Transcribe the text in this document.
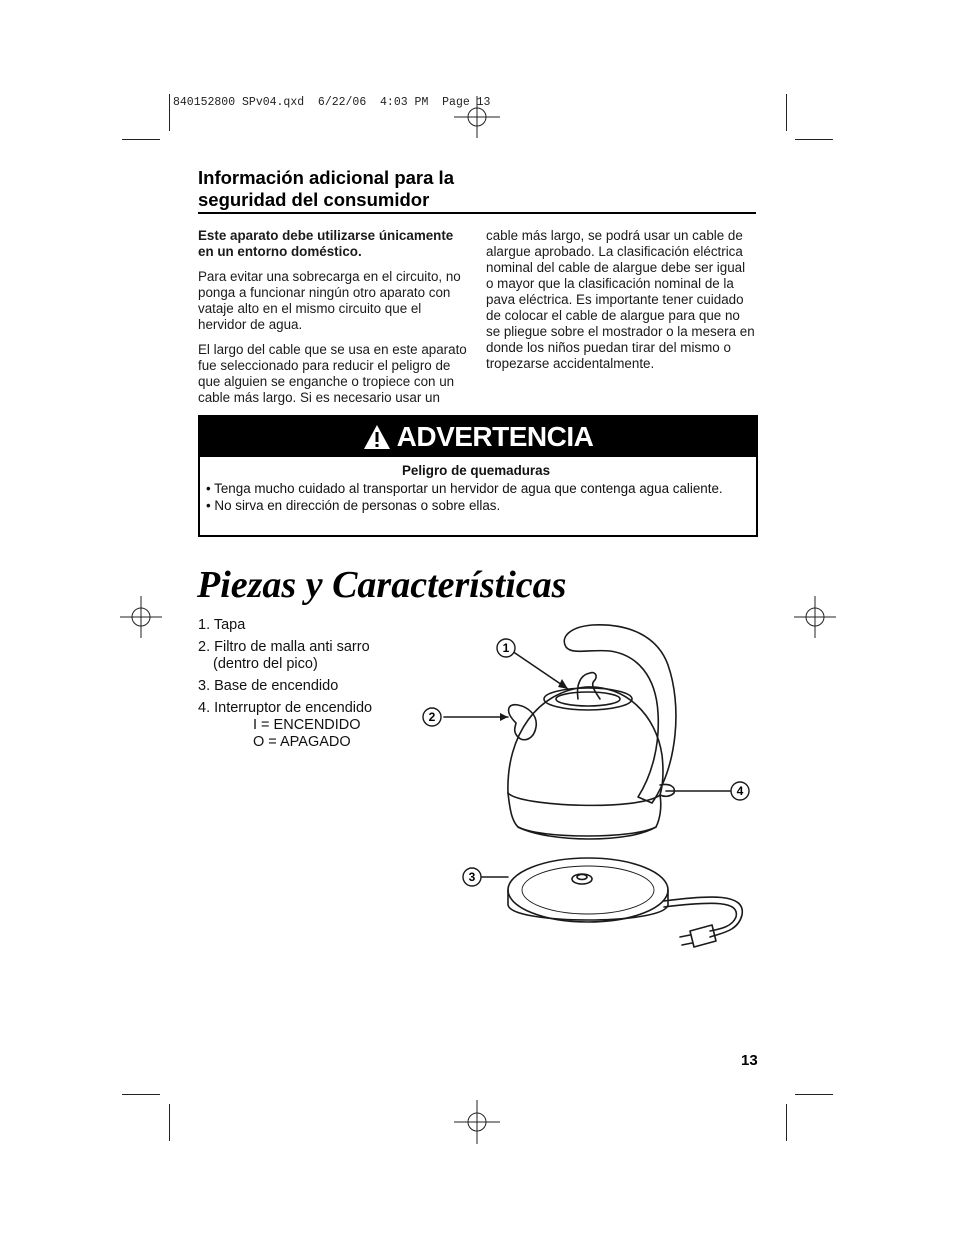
840152800 SPv04.qxd  6/22/06  4:03 PM  Page 13
Información adicional para la
seguridad del consumidor

Este aparato debe utilizarse únicamente en un entorno doméstico.

Para evitar una sobrecarga en el circuito, no ponga a funcionar ningún otro aparato con vataje alto en el mismo circuito que el hervidor de agua.

El largo del cable que se usa en este aparato fue seleccionado para reducir el peligro de que alguien se enganche o tropiece con un cable más largo. Si es necesario usar un

cable más largo, se podrá usar un cable de alargue aprobado. La clasificación eléctrica nominal del cable de alargue debe ser igual o mayor que la clasificación nominal de la pava eléctrica. Es importante tener cuidado de colocar el cable de alargue para que no se pliegue sobre el mostrador o la mesera en donde los niños puedan tirar del mismo o tropezarse accidentalmente.

ADVERTENCIA
Peligro de quemaduras
• Tenga mucho cuidado al transportar un hervidor de agua que contenga agua caliente.
• No sirva en dirección de personas o sobre ellas.
Piezas y Características
1. Tapa
2. Filtro de malla anti sarro
(dentro del pico)
3. Base de encendido
4. Interruptor de encendido
I = ENCENDIDO
O = APAGADO
1
2
3
4
13
